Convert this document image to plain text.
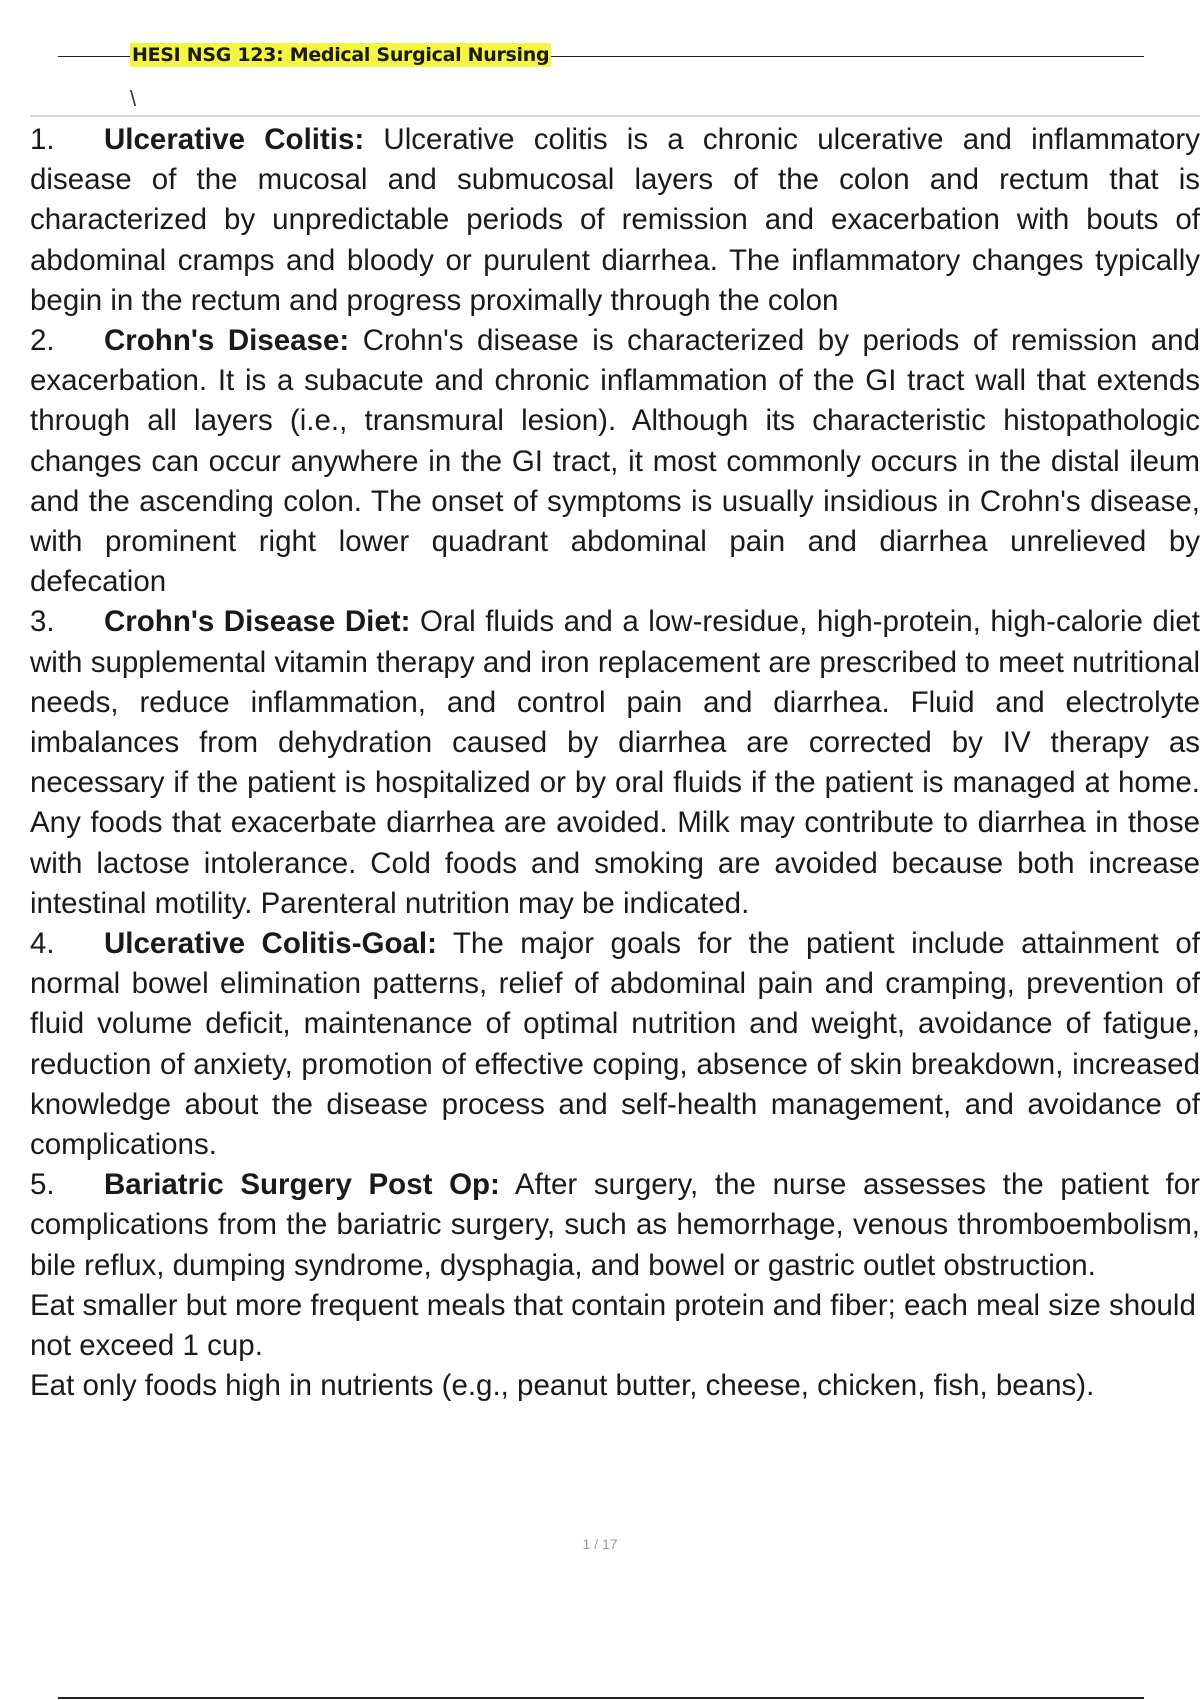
HESI NSG 123: Medical Surgical Nursing
\

1. Ulcerative Colitis: Ulcerative colitis is a chronic ulcerative and inflammatory disease of the mucosal and submucosal layers of the colon and rectum that is characterized by unpredictable periods of remission and exacerbation with bouts of abdominal cramps and bloody or purulent diarrhea. The inflammatory changes typically begin in the rectum and progress proximally through the colon

2. Crohn's Disease: Crohn's disease is characterized by periods of remission and exacerbation. It is a subacute and chronic inflammation of the GI tract wall that extends through all layers (i.e., transmural lesion). Although its characteristic histopathologic changes can occur anywhere in the GI tract, it most commonly occurs in the distal ileum and the ascending colon. The onset of symptoms is usually insidious in Crohn's disease, with prominent right lower quadrant abdominal pain and diarrhea unrelieved by defecation

3. Crohn's Disease Diet: Oral fluids and a low-residue, high-protein, high-calorie diet with supplemental vitamin therapy and iron replacement are prescribed to meet nutritional needs, reduce inflammation, and control pain and diarrhea. Fluid and electrolyte imbalances from dehydration caused by diarrhea are corrected by IV therapy as necessary if the patient is hospitalized or by oral fluids if the patient is managed at home. Any foods that exacerbate diarrhea are avoided. Milk may contribute to diarrhea in those with lactose intolerance. Cold foods and smoking are avoided because both increase intestinal motility. Parenteral nutrition may be indicated.

4. Ulcerative Colitis-Goal: The major goals for the patient include attainment of normal bowel elimination patterns, relief of abdominal pain and cramping, prevention of fluid volume deficit, maintenance of optimal nutrition and weight, avoidance of fatigue, reduction of anxiety, promotion of effective coping, absence of skin breakdown, increased knowledge about the disease process and self-health management, and avoidance of complications.

5. Bariatric Surgery Post Op: After surgery, the nurse assesses the patient for complications from the bariatric surgery, such as hemorrhage, venous thromboembolism, bile reflux, dumping syndrome, dysphagia, and bowel or gastric outlet obstruction.

Eat smaller but more frequent meals that contain protein and fiber; each meal size should not exceed 1 cup.

Eat only foods high in nutrients (e.g., peanut butter, cheese, chicken, fish, beans).

1 / 17
